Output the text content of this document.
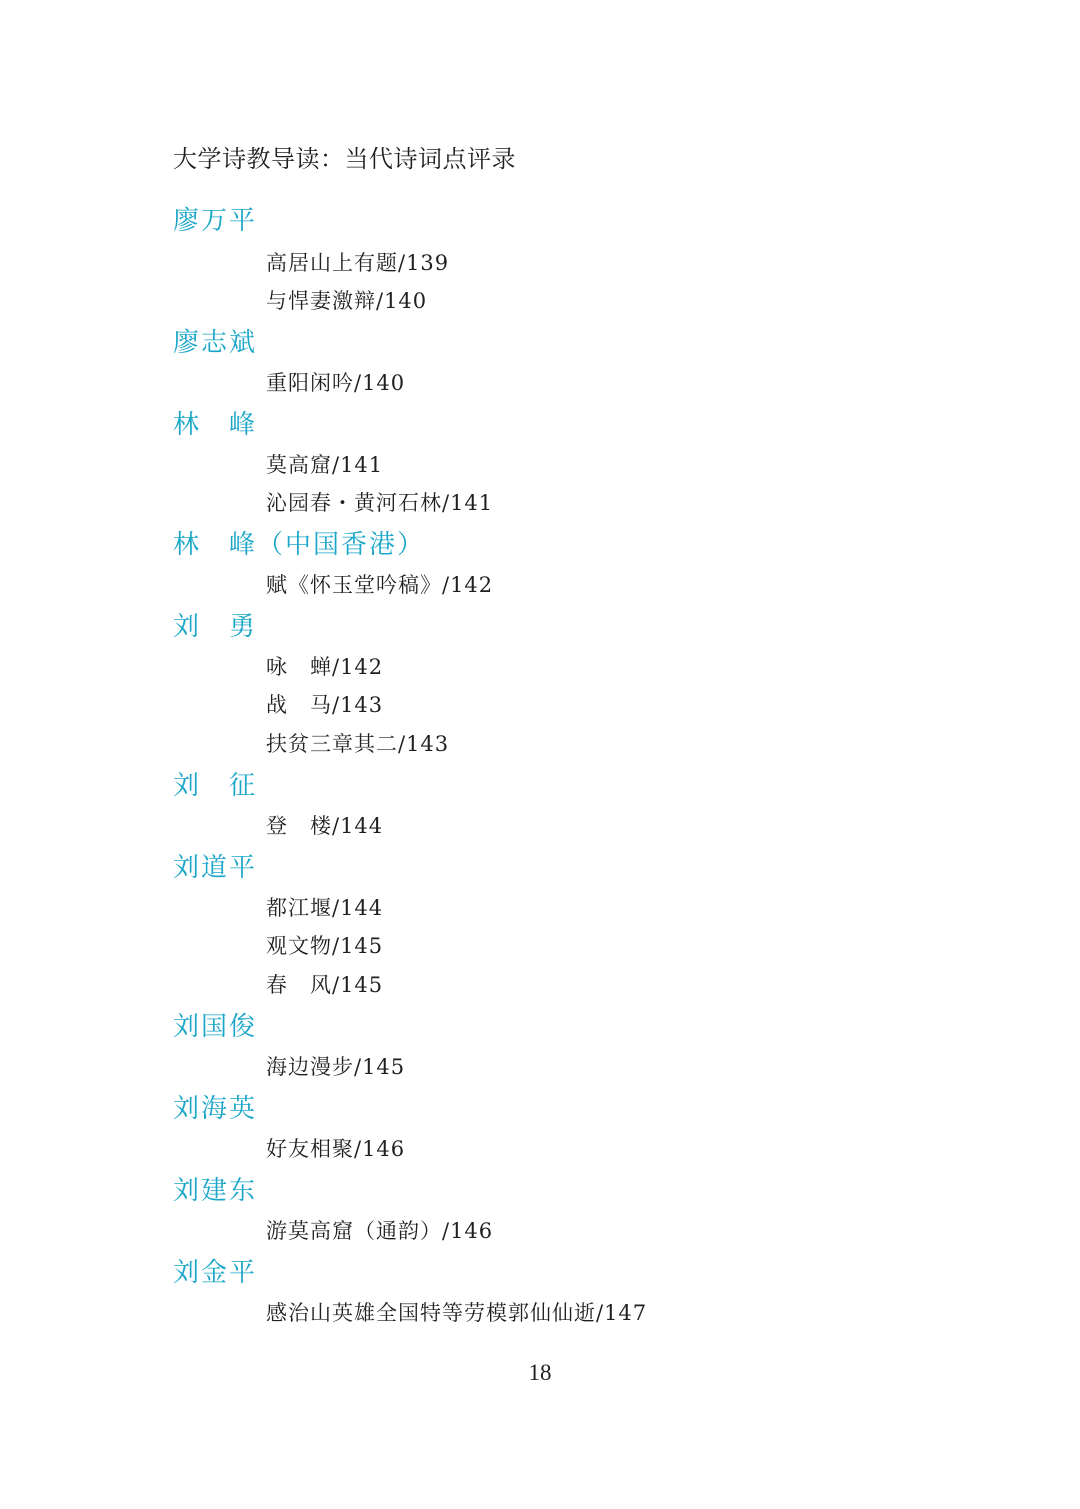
大学诗教导读：当代诗词点评录
廖万平
高居山上有题/139
与悍妻激辩/140
廖志斌
重阳闲吟/140
林　峰
莫高窟/141
沁园春・黄河石林/141
林　峰（中国香港）
赋《怀玉堂吟稿》/142
刘　勇
咏　蝉/142
战　马/143
扶贫三章其二/143
刘　征
登　楼/144
刘道平
都江堰/144
观文物/145
春　风/145
刘国俊
海边漫步/145
刘海英
好友相聚/146
刘建东
游莫高窟（通韵）/146
刘金平
感治山英雄全国特等劳模郭仙仙逝/147
18
